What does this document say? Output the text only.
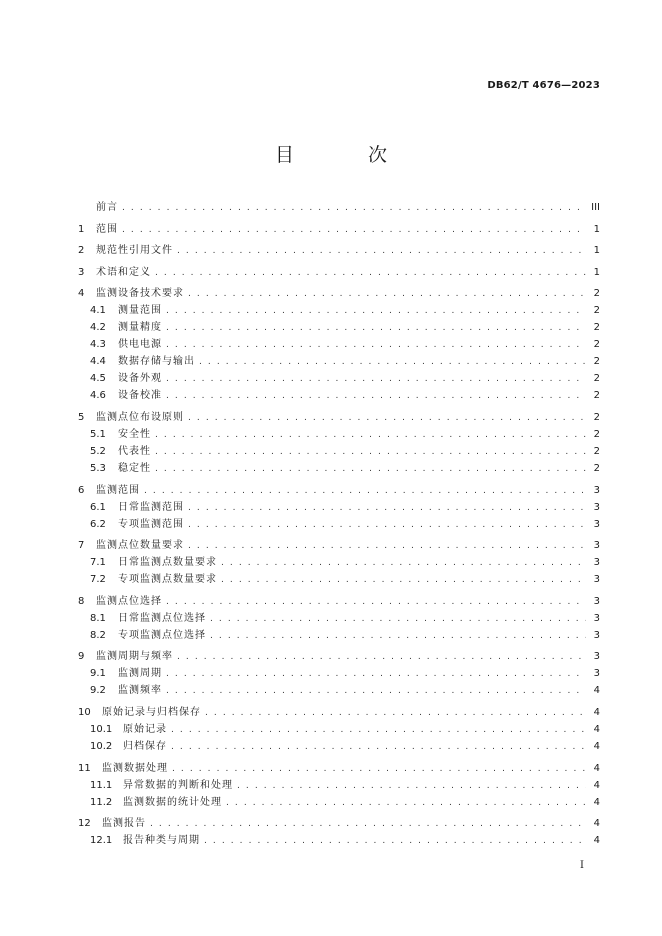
DB62/T 4676—2023
目 次
前言 . . .	III
1	范围 . . .	1
2	规范性引用文件 . . .	1
3	术语和定义 . . .	1
4	监测设备技术要求 . . .	2
4.1	测量范围 . . .	2
4.2	测量精度 . . .	2
4.3	供电电源 . . .	2
4.4	数据存储与输出 . . .	2
4.5	设备外观 . . .	2
4.6	设备校准 . . .	2
5	监测点位布设原则 . . .	2
5.1	安全性 . . .	2
5.2	代表性 . . .	2
5.3	稳定性 . . .	2
6	监测范围 . . .	3
6.1	日常监测范围 . . .	3
6.2	专项监测范围 . . .	3
7	监测点位数量要求 . . .	3
7.1	日常监测点数量要求 . . .	3
7.2	专项监测点数量要求 . . .	3
8	监测点位选择 . . .	3
8.1	日常监测点位选择 . . .	3
8.2	专项监测点位选择 . . .	3
9	监测周期与频率 . . .	3
9.1	监测周期 . . .	3
9.2	监测频率 . . .	4
10	原始记录与归档保存 . . .	4
10.1	原始记录 . . .	4
10.2	归档保存 . . .	4
11	监测数据处理 . . .	4
11.1	异常数据的判断和处理 . . .	4
11.2	监测数据的统计处理 . . .	4
12	监测报告 . . .	4
12.1	报告种类与周期 . . .	4
I
